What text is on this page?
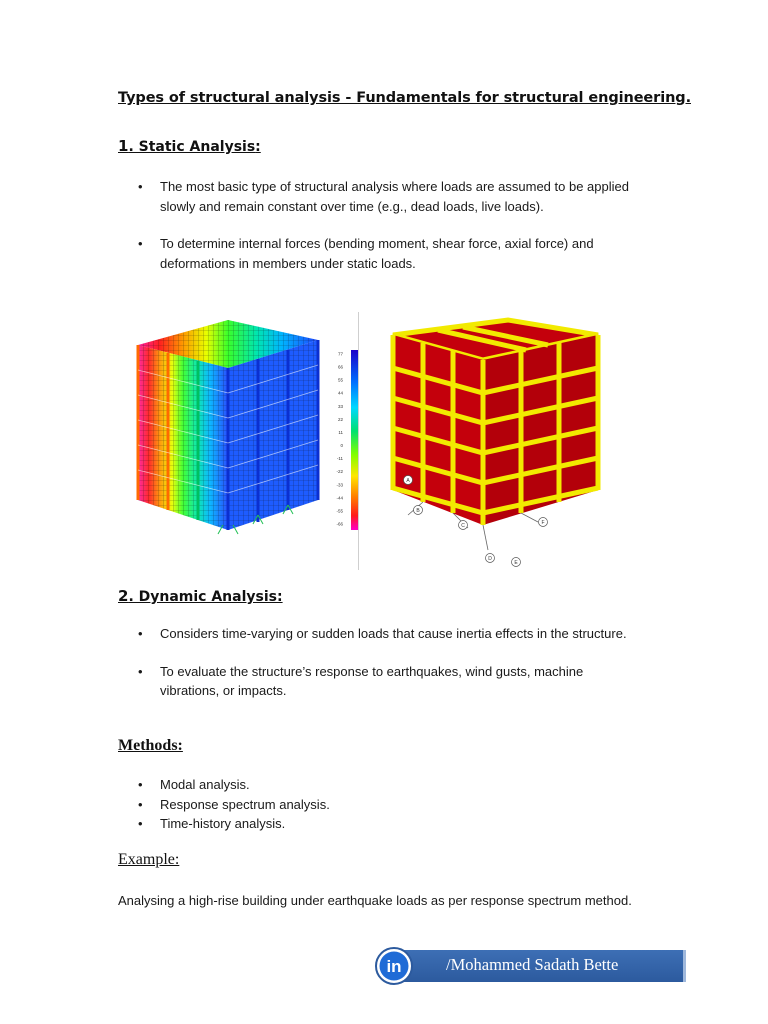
Types of structural analysis - Fundamentals for structural engineering.
1. Static Analysis:
• The most basic type of structural analysis where loads are assumed to be applied slowly and remain constant over time (e.g., dead loads, live loads).
• To determine internal forces (bending moment, shear force, axial force) and deformations in members under static loads.
77
66
55
44
33
22
11
0
-11
-22
-33
-44
-55
-66
A
B
C
D
E
F
2. Dynamic Analysis:
• Considers time-varying or sudden loads that cause inertia effects in the structure.
• To evaluate the structure’s response to earthquakes, wind gusts, machine vibrations, or impacts.
Methods:
• Modal analysis.
• Response spectrum analysis.
• Time-history analysis.
Example:
Analysing a high-rise building under earthquake loads as per response spectrum method.
/Mohammed Sadath Bette
in
